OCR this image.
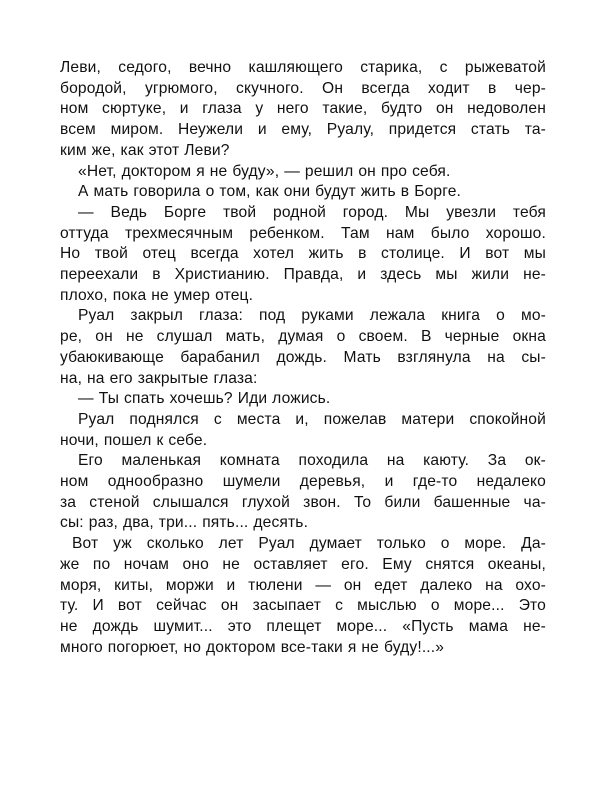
Леви, седого, вечно кашляющего старика, с рыжеватой
бородой, угрюмого, скучного. Он всегда ходит в чер-
ном сюртуке, и глаза у него такие, будто он недоволен
всем миром. Неужели и ему, Руалу, придется стать та-
ким же, как этот Леви?

«Нет, доктором я не буду», — решил он про себя.

А мать говорила о том, как они будут жить в Борге.

— Ведь Борге твой родной город. Мы увезли тебя
оттуда трехмесячным ребенком. Там нам было хорошо.
Но твой отец всегда хотел жить в столице. И вот мы
переехали в Христианию. Правда, и здесь мы жили не-
плохо, пока не умер отец.

Руал закрыл глаза: под руками лежала книга о мо-
ре, он не слушал мать, думая о своем. В черные окна
убаюкивающе барабанил дождь. Мать взглянула на сы-
на, на его закрытые глаза:

— Ты спать хочешь? Иди ложись.

Руал поднялся с места и, пожелав матери спокойной
ночи, пошел к себе.

Его маленькая комната походила на каюту. За ок-
ном однообразно шумели деревья, и где-то недалеко
за стеной слышался глухой звон. То били башенные ча-
сы: раз, два, три... пять... десять.

Вот уж сколько лет Руал думает только о море. Да-
же по ночам оно не оставляет его. Ему снятся океаны,
моря, киты, моржи и тюлени — он едет далеко на охо-
ту. И вот сейчас он засыпает с мыслью о море... Это
не дождь шумит... это плещет море... «Пусть мама не-
много погорюет, но доктором все-таки я не буду!...»
